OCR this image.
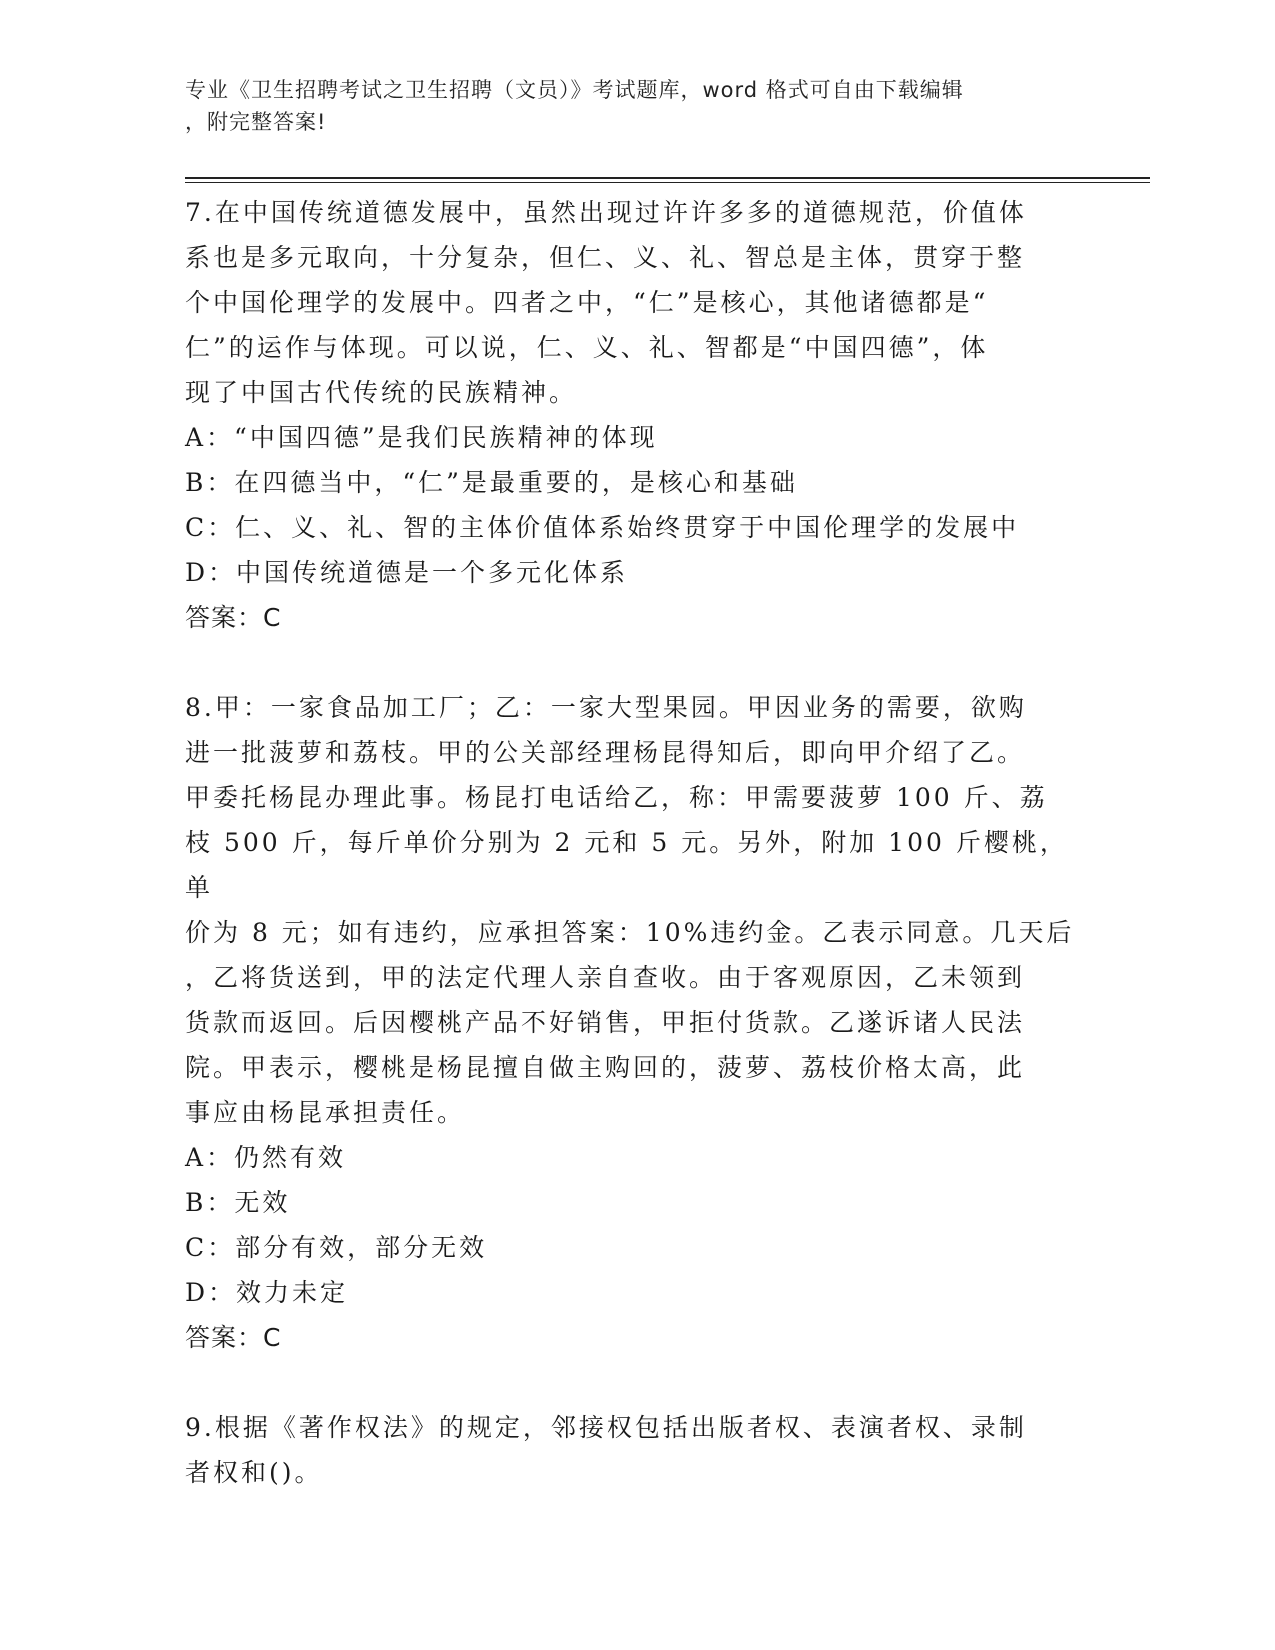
专业《卫生招聘考试之卫生招聘（文员）》考试题库，word 格式可自由下载编辑
，附完整答案!

7.在中国传统道德发展中，虽然出现过许许多多的道德规范，价值体
系也是多元取向，十分复杂，但仁、义、礼、智总是主体，贯穿于整
个中国伦理学的发展中。四者之中，“仁”是核心，其他诸德都是“
仁”的运作与体现。可以说，仁、义、礼、智都是“中国四德”，体
现了中国古代传统的民族精神。

A：“中国四德”是我们民族精神的体现

B：在四德当中，“仁”是最重要的，是核心和基础

C：仁、义、礼、智的主体价值体系始终贯穿于中国伦理学的发展中

D：中国传统道德是一个多元化体系

答案：C

8.甲：一家食品加工厂；乙：一家大型果园。甲因业务的需要，欲购
进一批菠萝和荔枝。甲的公关部经理杨昆得知后，即向甲介绍了乙。
甲委托杨昆办理此事。杨昆打电话给乙，称：甲需要菠萝 100 斤、荔
枝 500 斤，每斤单价分别为 2 元和 5 元。另外，附加 100 斤樱桃，单
价为 8 元；如有违约，应承担答案：10%违约金。乙表示同意。几天后
，乙将货送到，甲的法定代理人亲自查收。由于客观原因，乙未领到
货款而返回。后因樱桃产品不好销售，甲拒付货款。乙遂诉诸人民法
院。甲表示，樱桃是杨昆擅自做主购回的，菠萝、荔枝价格太高，此
事应由杨昆承担责任。

A：仍然有效

B：无效

C：部分有效，部分无效

D：效力未定

答案：C

9.根据《著作权法》的规定，邻接权包括出版者权、表演者权、录制
者权和()。
